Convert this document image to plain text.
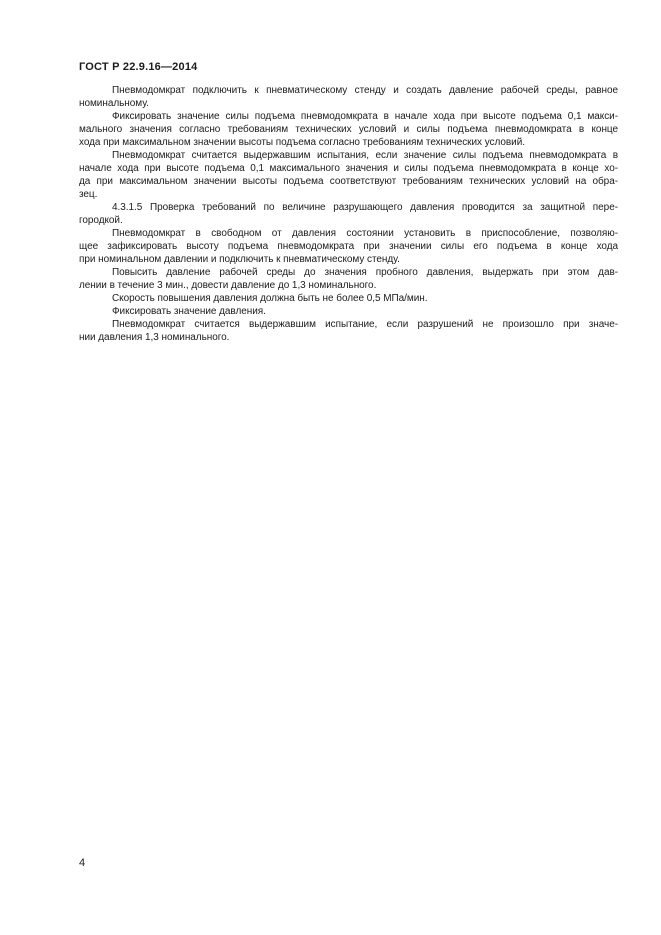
ГОСТ Р 22.9.16—2014
Пневмодомкрат подключить к пневматическому стенду и создать давление рабочей среды, равное
номинальному.
Фиксировать значение силы подъема пневмодомкрата в начале хода при высоте подъема 0,1 макси-
мального значения согласно требованиям технических условий и силы подъема пневмодомкрата в конце
хода при максимальном значении высоты подъема согласно требованиям технических условий.
Пневмодомкрат считается выдержавшим испытания, если значение силы подъема пневмодомкрата в
начале хода при высоте подъема 0,1 максимального значения и силы подъема пневмодомкрата в конце хо-
да при максимальном значении высоты подъема соответствуют требованиям технических условий на обра-
зец.
4.3.1.5 Проверка требований по величине разрушающего давления проводится за защитной пере-
городкой.
Пневмодомкрат в свободном от давления состоянии установить в приспособление, позволяю-
щее зафиксировать высоту подъема пневмодомкрата при значении силы его подъема в конце хода
при номинальном давлении и подключить к пневматическому стенду.
Повысить давление рабочей среды до значения пробного давления, выдержать при этом дав-
лении в течение 3 мин., довести давление до 1,3 номинального.
Скорость повышения давления должна быть не более 0,5 МПа/мин.
Фиксировать значение давления.
Пневмодомкрат считается выдержавшим испытание, если разрушений не произошло при значе-
нии давления 1,3 номинального.
4
